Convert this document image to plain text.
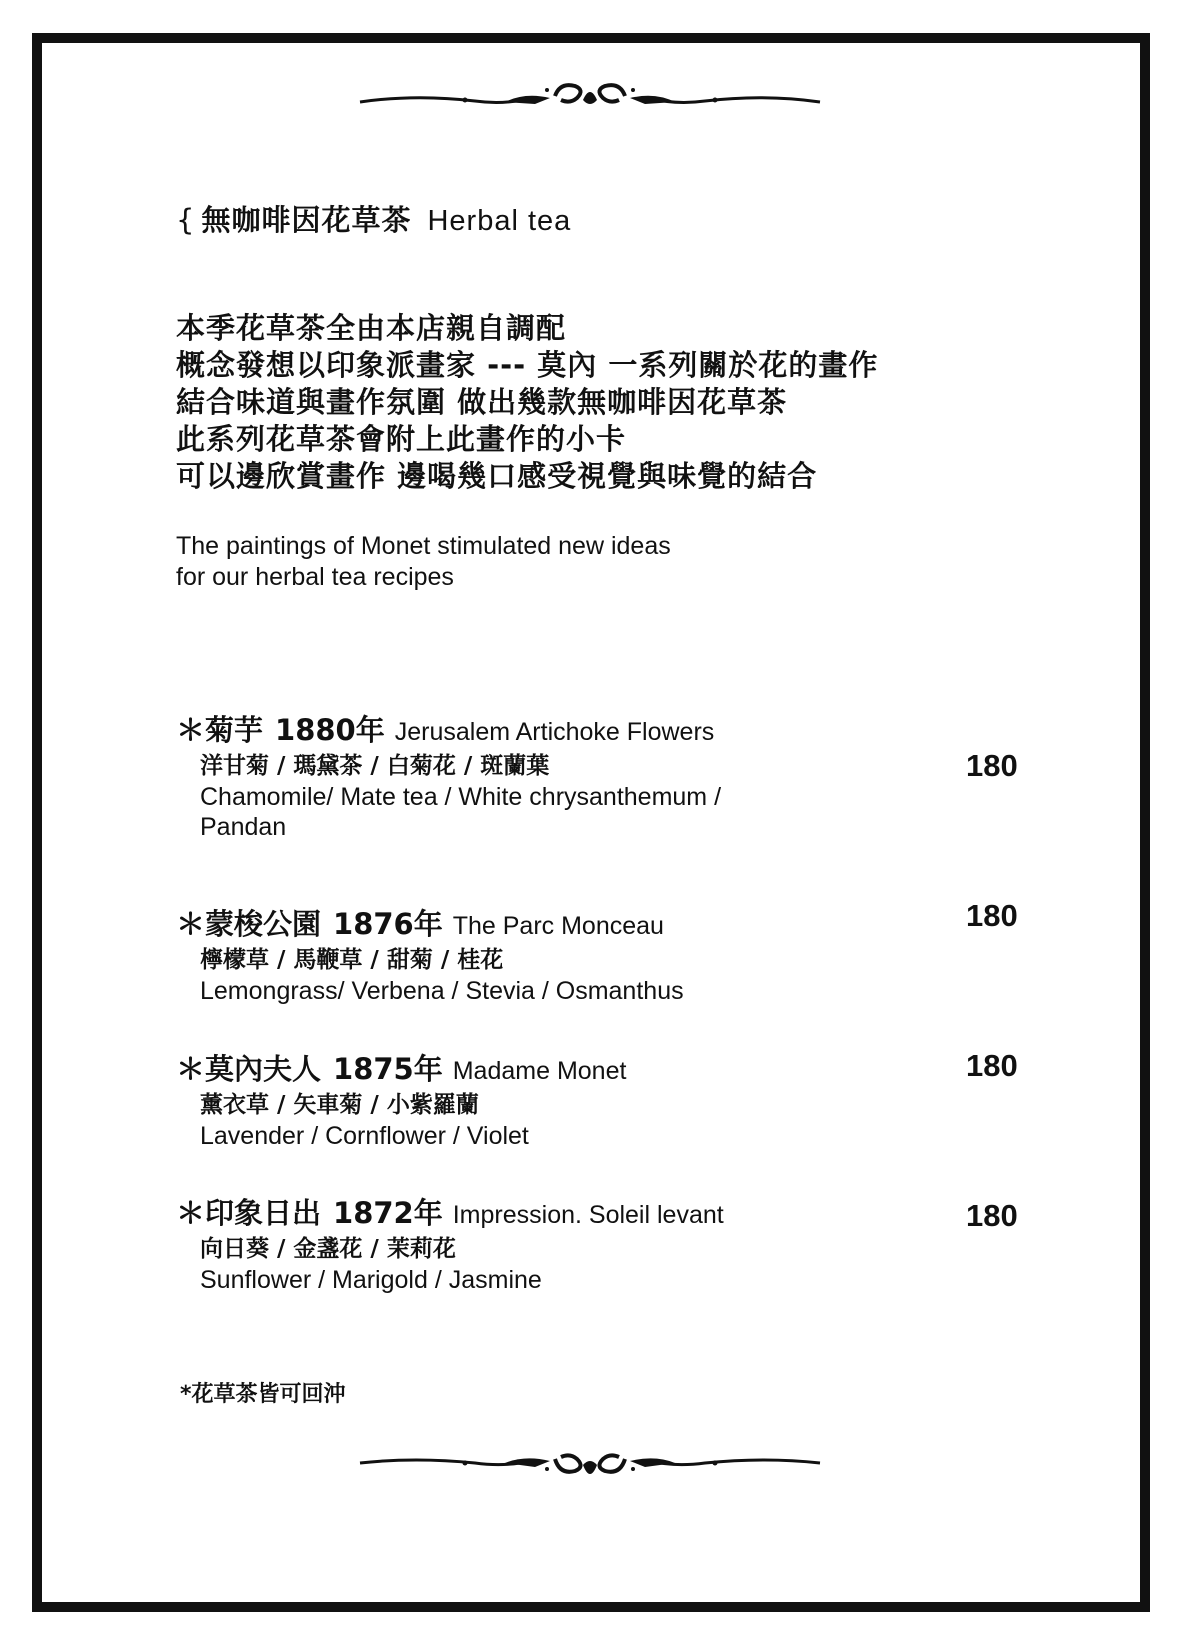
{ 無咖啡因花草茶 Herbal tea
本季花草茶全由本店親自調配
概念發想以印象派畫家 --- 莫內 一系列關於花的畫作
結合味道與畫作氛圍 做出幾款無咖啡因花草茶
此系列花草茶會附上此畫作的小卡
可以邊欣賞畫作 邊喝幾口感受視覺與味覺的結合
The paintings of Monet stimulated new ideas
for our herbal tea recipes
＊菊芋 1880年 Jerusalem Artichoke Flowers
洋甘菊 / 瑪黛茶 / 白菊花 / 斑蘭葉
Chamomile/ Mate tea / White chrysanthemum / Pandan
180
＊蒙梭公園 1876年 The Parc Monceau
檸檬草 / 馬鞭草 / 甜菊 / 桂花
Lemongrass/ Verbena / Stevia / Osmanthus
180
＊莫內夫人 1875年 Madame Monet
薰衣草 / 矢車菊 / 小紫羅蘭
Lavender / Cornflower / Violet
180
＊印象日出 1872年 Impression. Soleil levant
向日葵 / 金盞花 / 茉莉花
Sunflower / Marigold / Jasmine
180
*花草茶皆可回沖
